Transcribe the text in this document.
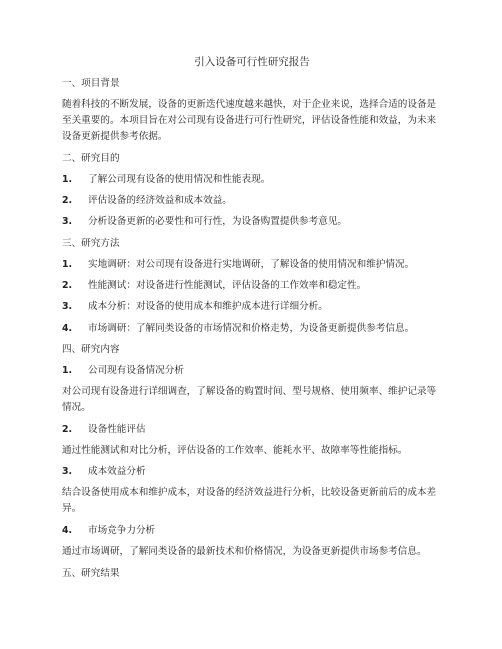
引入设备可行性研究报告
一、项目背景
随着科技的不断发展，设备的更新迭代速度越来越快，对于企业来说，选择合适的设备是至关重要的。本项目旨在对公司现有设备进行可行性研究，评估设备性能和效益，为未来设备更新提供参考依据。
二、研究目的
1. 了解公司现有设备的使用情况和性能表现。
2. 评估设备的经济效益和成本效益。
3. 分析设备更新的必要性和可行性，为设备购置提供参考意见。
三、研究方法
1. 实地调研：对公司现有设备进行实地调研，了解设备的使用情况和维护情况。
2. 性能测试：对设备进行性能测试，评估设备的工作效率和稳定性。
3. 成本分析：对设备的使用成本和维护成本进行详细分析。
4. 市场调研：了解同类设备的市场情况和价格走势，为设备更新提供参考信息。
四、研究内容
1. 公司现有设备情况分析
对公司现有设备进行详细调查，了解设备的购置时间、型号规格、使用频率、维护记录等情况。
2. 设备性能评估
通过性能测试和对比分析，评估设备的工作效率、能耗水平、故障率等性能指标。
3. 成本效益分析
结合设备使用成本和维护成本，对设备的经济效益进行分析，比较设备更新前后的成本差异。
4. 市场竞争力分析
通过市场调研，了解同类设备的最新技术和价格情况，为设备更新提供市场参考信息。
五、研究结果
